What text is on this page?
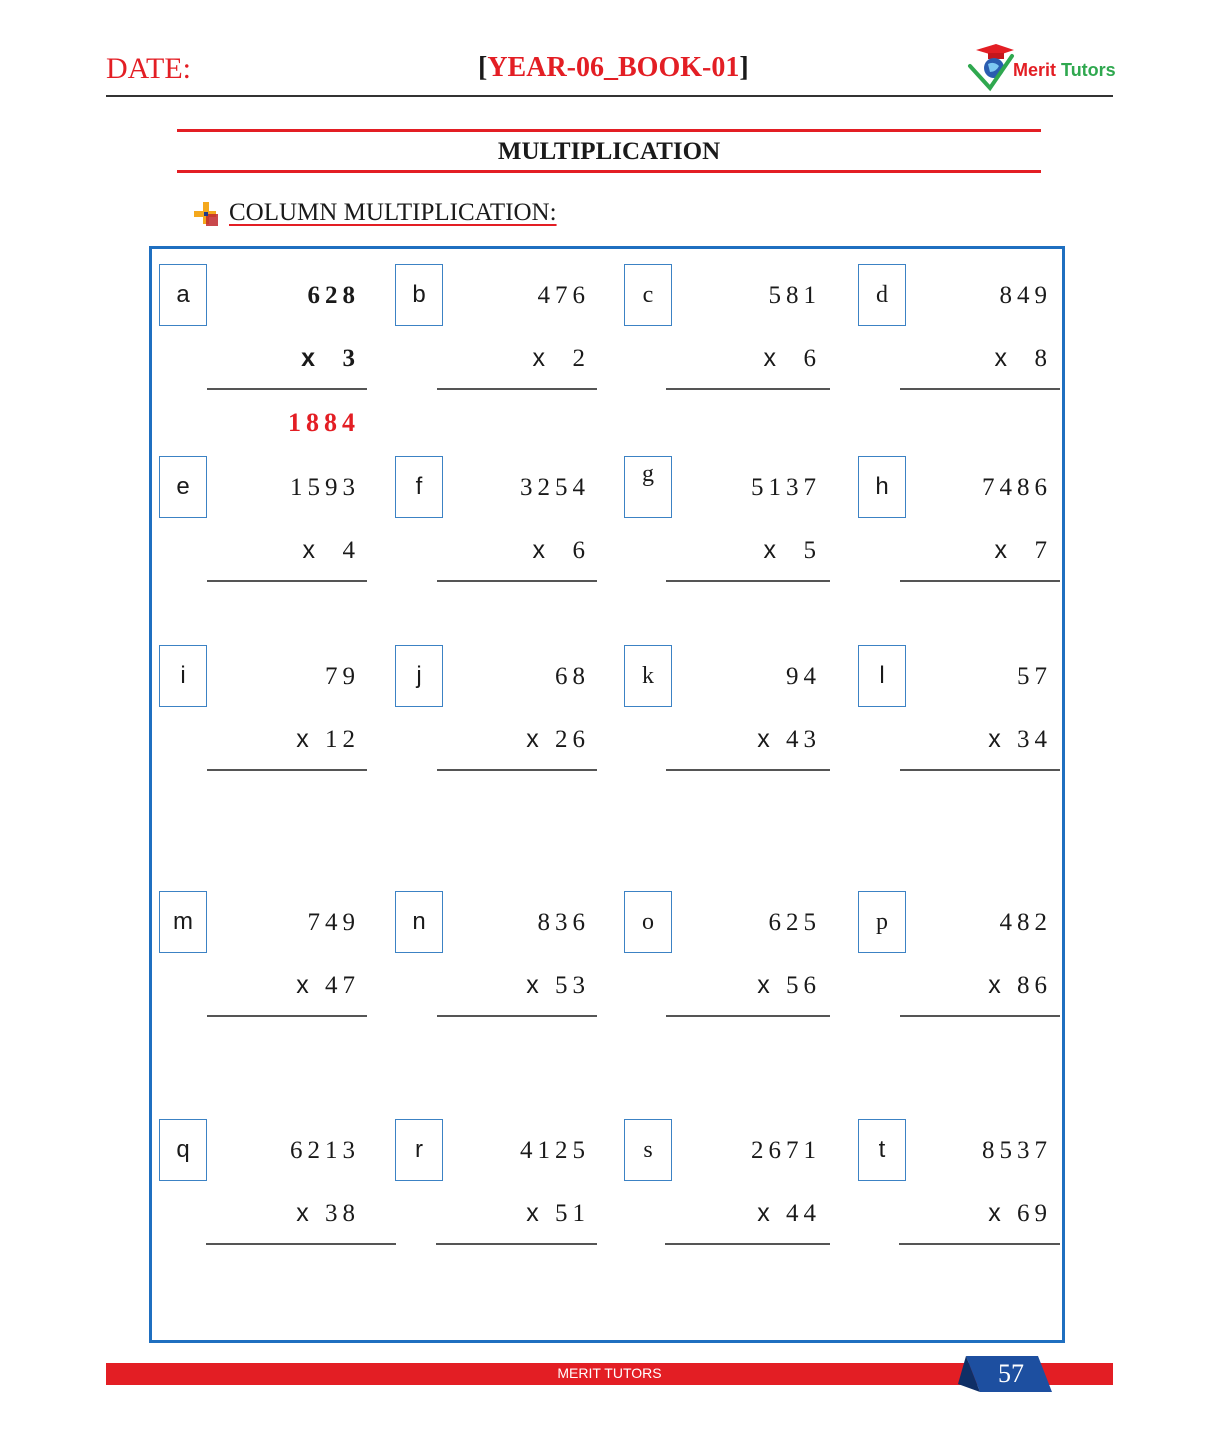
DATE:	[YEAR-06_BOOK-01]	Merit Tutors
MULTIPLICATION
COLUMN MULTIPLICATION:
a	628
x 3
1884
b	476
x 2
c	581
x 6
d	849
x 8
e	1593
x 4
f	3254
x 6
g	5137
x 5
h	7486
x 7
i	79
x 12
j	68
x 26
k	94
x 43
l	57
x 34
m	749
x 47
n	836
x 53
o	625
x 56
p	482
x 86
q	6213
x 38
r	4125
x 51
s	2671
x 44
t	8537
x 69
MERIT TUTORS	57
